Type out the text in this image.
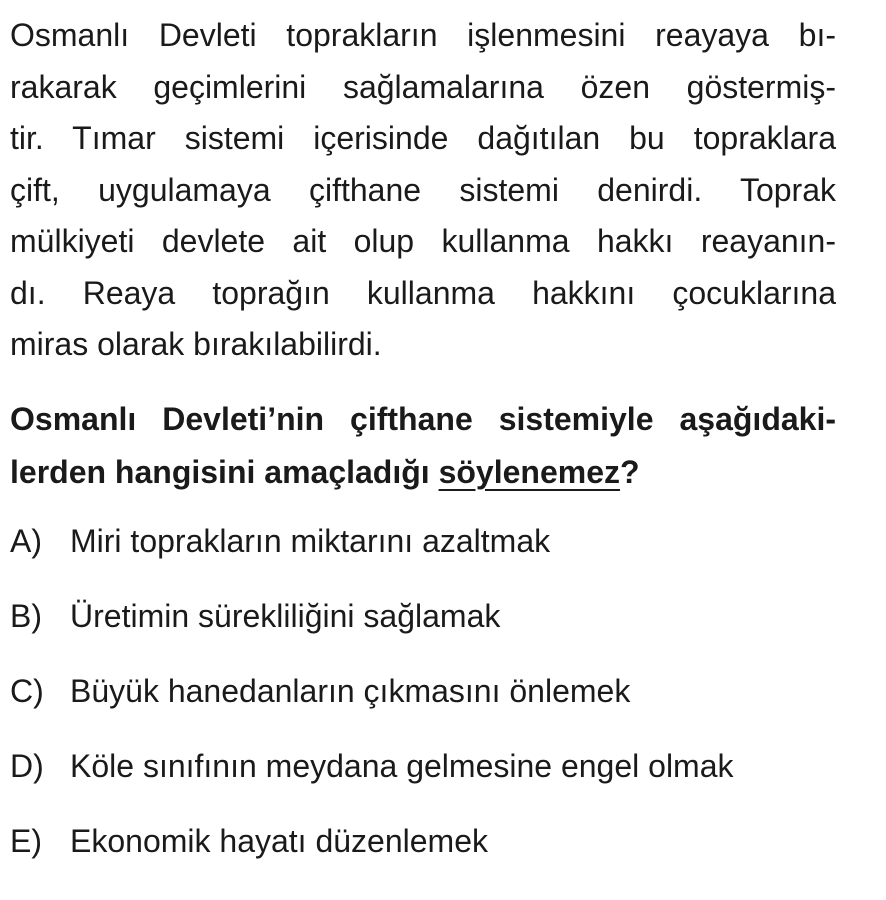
Osmanlı Devleti toprakların işlenmesini reayaya bı-
rakarak geçimlerini sağlamalarına özen göstermiş-
tir. Tımar sistemi içerisinde dağıtılan bu topraklara
çift, uygulamaya çifthane sistemi denirdi. Toprak
mülkiyeti devlete ait olup kullanma hakkı reayanın-
dı. Reaya toprağın kullanma hakkını çocuklarına
miras olarak bırakılabilirdi.
Osmanlı Devleti’nin çifthane sistemiyle aşağıdaki-
lerden hangisini amaçladığı söylenemez?
A) Miri toprakların miktarını azaltmak
B) Üretimin sürekliliğini sağlamak
C) Büyük hanedanların çıkmasını önlemek
D) Köle sınıfının meydana gelmesine engel olmak
E) Ekonomik hayatı düzenlemek
